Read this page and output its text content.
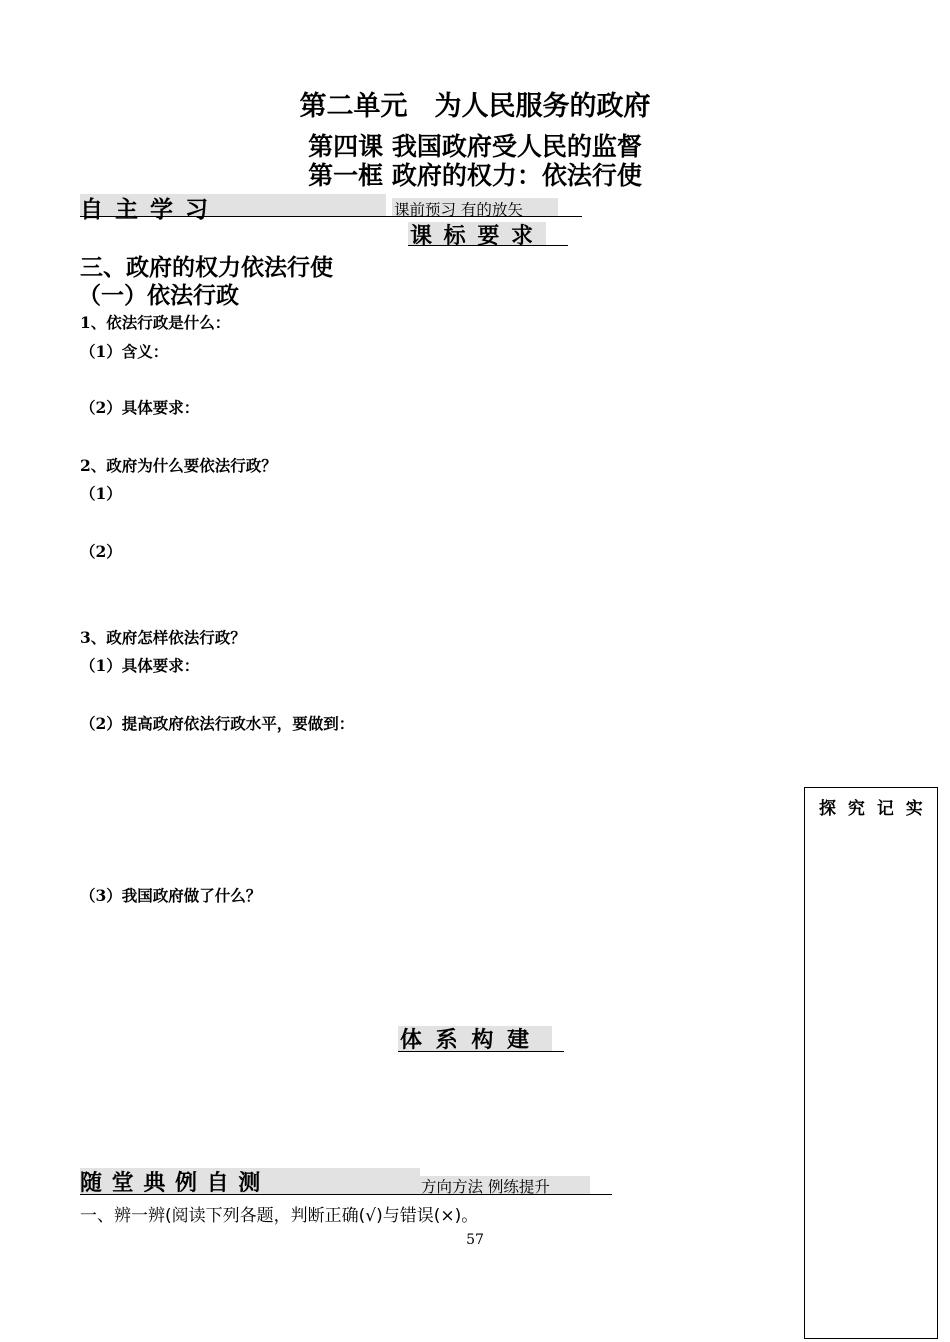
第二单元　为人民服务的政府
第四课 我国政府受人民的监督
第一框 政府的权力：依法行使
自 主 学 习	课前预习 有的放矢
课 标 要 求
三、政府的权力依法行使
（一）依法行政
1、依法行政是什么：
（1）含义：
（2）具体要求：
2、政府为什么要依法行政？
（1）
（2）
3、政府怎样依法行政？
（1）具体要求：
（2）提高政府依法行政水平，要做到：
（3）我国政府做了什么？
体 系 构 建
随 堂 典 例 自 测	方向方法 例练提升
一、辨一辨(阅读下列各题，判断正确(√)与错误(×)。
57
探 究 记 实
